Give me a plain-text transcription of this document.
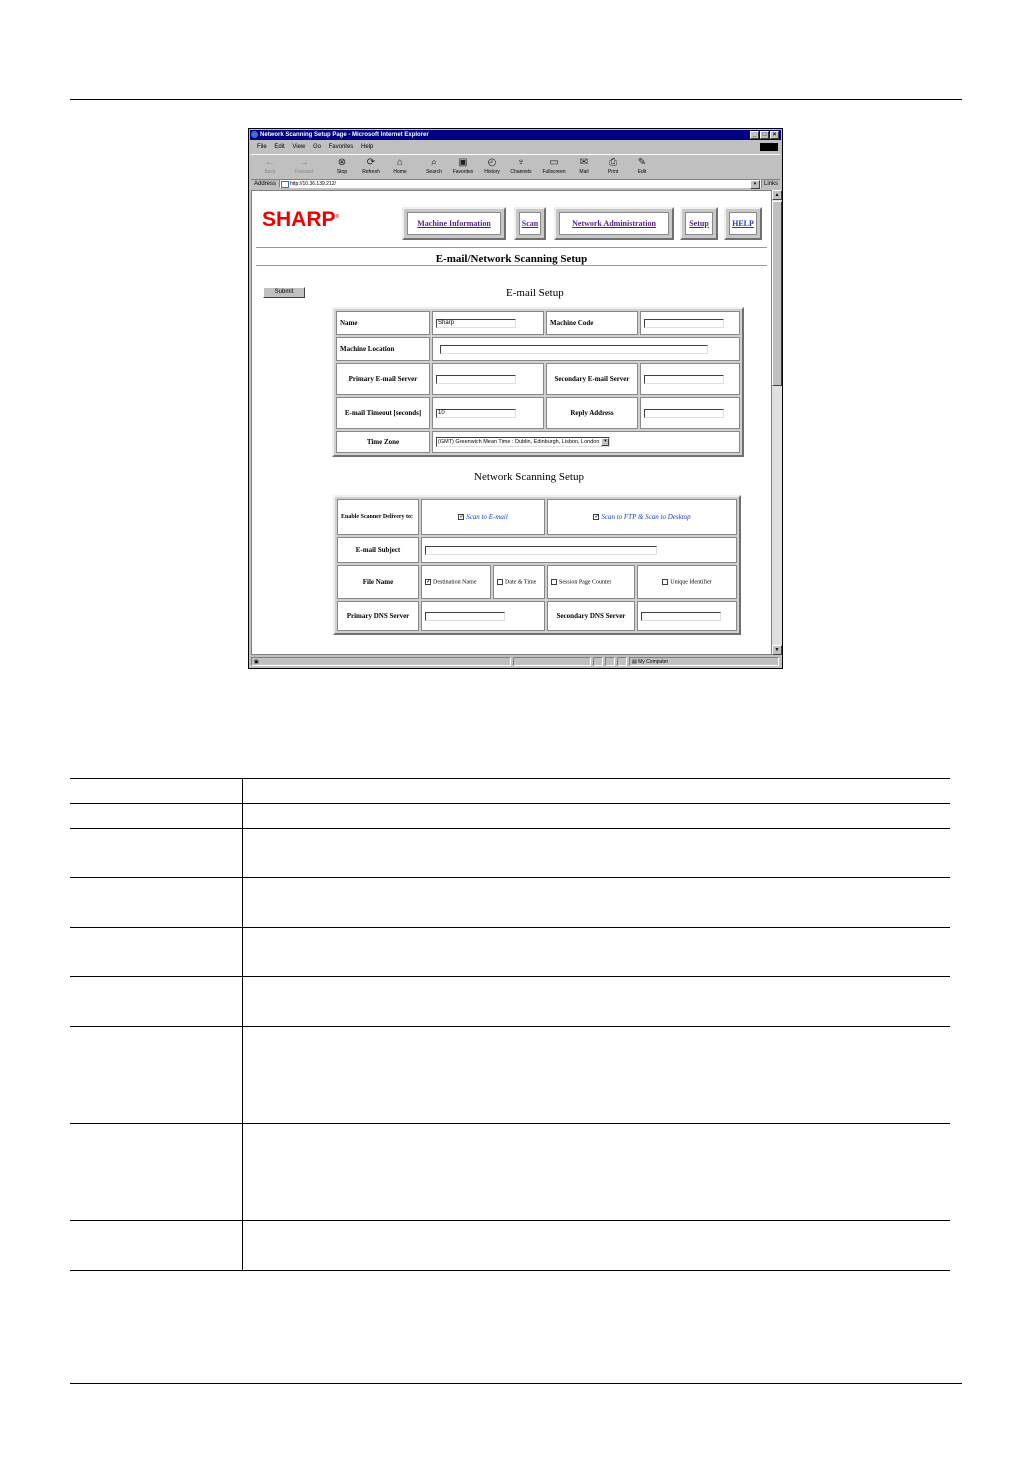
Network Scanning Setup Page - Microsoft Internet Explorer	_	□	×
File Edit View Go Favorites Help
←
Back
→
Forward
⊗
Stop
⟳
Refresh
⌂
Home
⌕
Search
▣
Favorites
◴
History
♆
Channels
▭
Fullscreen
✉
Mail
⎙
Print
✎
Edit
Address	http://10.36.139.212/	▾	Links
SHARP®
Machine Information	Scan	Network Administration	Setup	HELP
E-mail/Network Scanning Setup
Submit	E-mail Setup
Name	Sharp	Machine Code	
Machine Location			
Primary E-mail Server		Secondary E-mail Server	
E-mail Timeout [seconds]	10	Reply Address	
Time Zone	(GMT) Greenwich Mean Time : Dublin, Edinburgh, Lisbon, London ▾		
Network Scanning Setup
Enable Scanner Delivery to:	✓ Scan to E-mail		✓ Scan to FTP & Scan to Desktop	
E-mail Subject				
File Name	✓ Destination Name	Date & Time	Session Page Counter	Unique Identifier
Primary DNS Server			Secondary DNS Server	
▲
▼
▣	▤ My Computer
